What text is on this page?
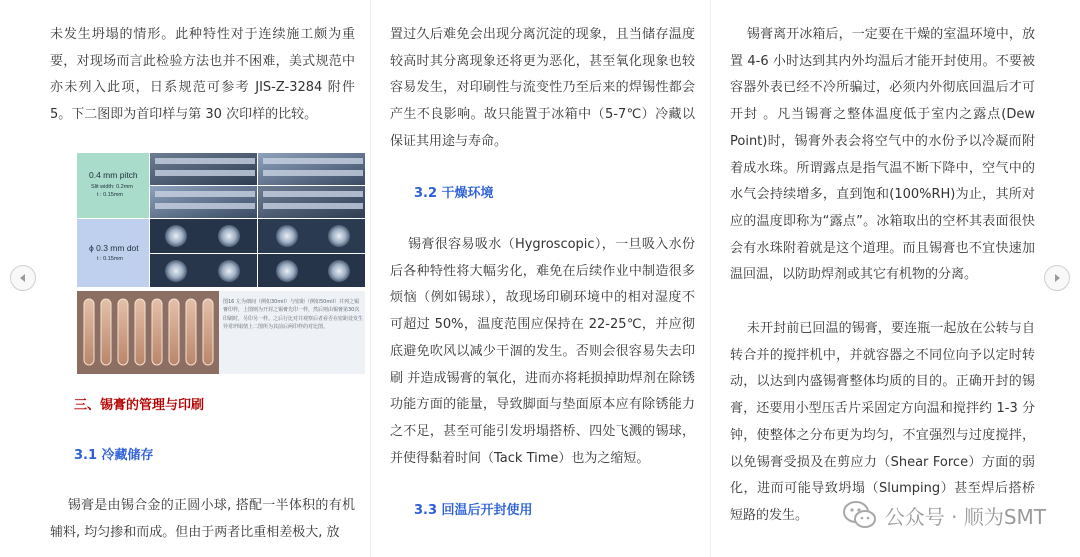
未发生坍塌的情形。此种特性对于连续施工颇为重要，对现场而言此检验方法也并不困难，美式规范中亦未列入此项，日系规范可参考 JIS-Z-3284 附件 5。下二图即为首印样与第 30 次印样的比较。

0.4 mm pitch
Slit width: 0.2mm
t : 0.15mm
ϕ 0.3 mm dot
t : 0.15mm
图16 左为细间（例如30mil）与密距（例如50mil）并列之锡膏印样，上图则为开封之锡膏先印一样，然后则由锡膏第30次印刷时，另印另一样。之后行比对并观察后者看否在密距处发生异常坍塌情上二图所为其前后两印样的对比图。

三、锡膏的管理与印刷

3.1 冷藏储存

锡膏是由锡合金的正圆小球, 搭配一半体积的有机辅料, 均匀掺和而成。但由于两者比重相差极大, 放

置过久后难免会出现分离沉淀的现象，且当储存温度较高时其分离现象还将更为恶化，甚至氧化现象也较容易发生，对印刷性与流变性乃至后来的焊锡性都会产生不良影响。故只能置于冰箱中（5-7℃）冷藏以保证其用途与寿命。

3.2 干燥环境

锡膏很容易吸水（Hygroscopic），一旦吸入水份后各种特性将大幅劣化，难免在后续作业中制造很多烦恼（例如锡球），故现场印刷环境中的相对湿度不可超过 50%，温度范围应保持在 22-25℃，并应彻底避免吹风以减少干涸的发生。否则会很容易失去印刷 并造成锡膏的氧化，进而亦将耗损掉助焊剂在除锈功能方面的能量，导致脚面与垫面原本应有除锈能力之不足，甚至可能引发坍塌搭桥、四处飞溅的锡球，并使得黏着时间（Tack Time）也为之缩短。

3.3 回温后开封使用

锡膏离开冰箱后，一定要在干燥的室温环境中，放置 4-6 小时达到其内外均温后才能开封使用。不要被容器外表已经不冷所骗过，必须内外彻底回温后才可开封 。凡当锡膏之整体温度低于室内之露点(Dew Point)时，锡膏外表会将空气中的水份予以冷凝而附着成水珠。所谓露点是指气温不断下降中，空气中的水气会持续增多，直到饱和(100%RH)为止，其所对应的温度即称为“露点”。冰箱取出的空杯其表面很快会有水珠附着就是这个道理。而且锡膏也不宜快速加温回温，以防助焊剂或其它有机物的分离。

未开封前已回温的锡膏，要连瓶一起放在公转与自转合并的搅拌机中，并就容器之不同位向予以定时转动，以达到内盛锡膏整体均质的目的。正确开封的锡膏，还要用小型压舌片采固定方向温和搅拌约 1-3 分钟，使整体之分布更为均匀，不宜强烈与过度搅拌，以免锡膏受损及在剪应力（Shear Force）方面的弱化，进而可能导致坍塌（Slumping）甚至焊后搭桥短路的发生。	公众号 · 顺为SMT
